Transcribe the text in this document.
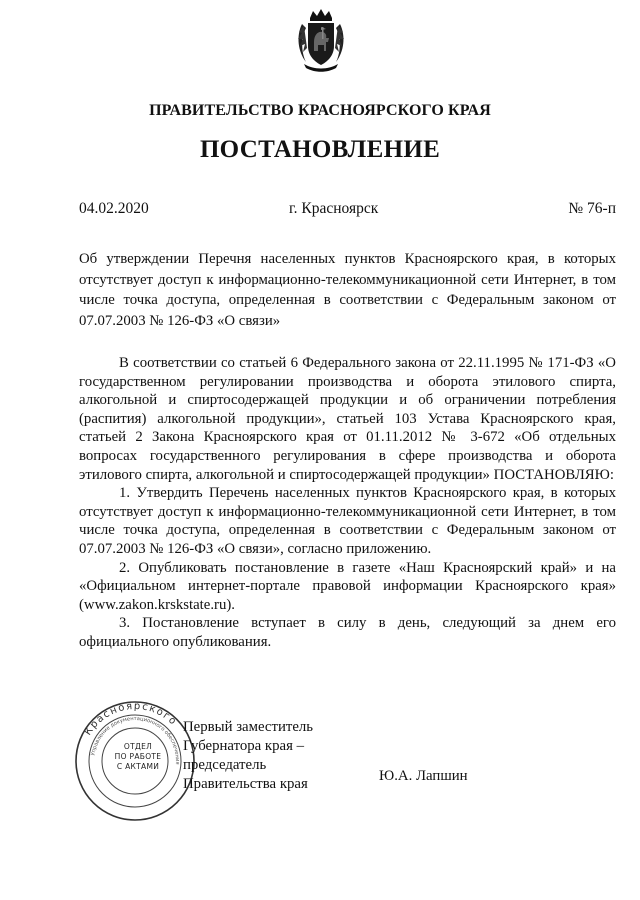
ПРАВИТЕЛЬСТВО КРАСНОЯРСКОГО КРАЯ
ПОСТАНОВЛЕНИЕ
04.02.2020	г. Красноярск	№ 76-п
Об утверждении Перечня населенных пунктов Красноярского края, в которых отсутствует доступ к информационно-телекоммуникационной сети Интернет, в том числе точка доступа, определенная в соответствии с Федеральным законом от 07.07.2003 № 126-ФЗ «О связи»

В соответствии со статьей 6 Федерального закона от 22.11.1995 № 171-ФЗ «О государственном регулировании производства и оборота этилового спирта, алкогольной и спиртосодержащей продукции и об ограничении потребления (распития) алкогольной продукции», статьей 103 Устава Красноярского края, статьей 2 Закона Красноярского края от 01.11.2012 № 3-672 «Об отдельных вопросах государственного регулирования в сфере производства и оборота этилового спирта, алкогольной и спиртосодержащей продукции» ПОСТАНОВЛЯЮ:

1. Утвердить Перечень населенных пунктов Красноярского края, в которых отсутствует доступ к информационно-телекоммуникационной сети Интернет, в том числе точка доступа, определенная в соответствии с Федеральным законом от 07.07.2003 № 126-ФЗ «О связи», согласно приложению.

2. Опубликовать постановление в газете «Наш Красноярский край» и на «Официальном интернет-портале правовой информации Красноярского края» (www.zakon.krskstate.ru).

3. Постановление вступает в силу в день, следующий за днем его официального опубликования.

Красноярского
Управление документационного обеспечения
ОТДЕЛ
ПО РАБОТЕ
С АКТАМИ
Первый заместитель
Губернатора края –
председатель
Правительства края	Ю.А. Лапшин
